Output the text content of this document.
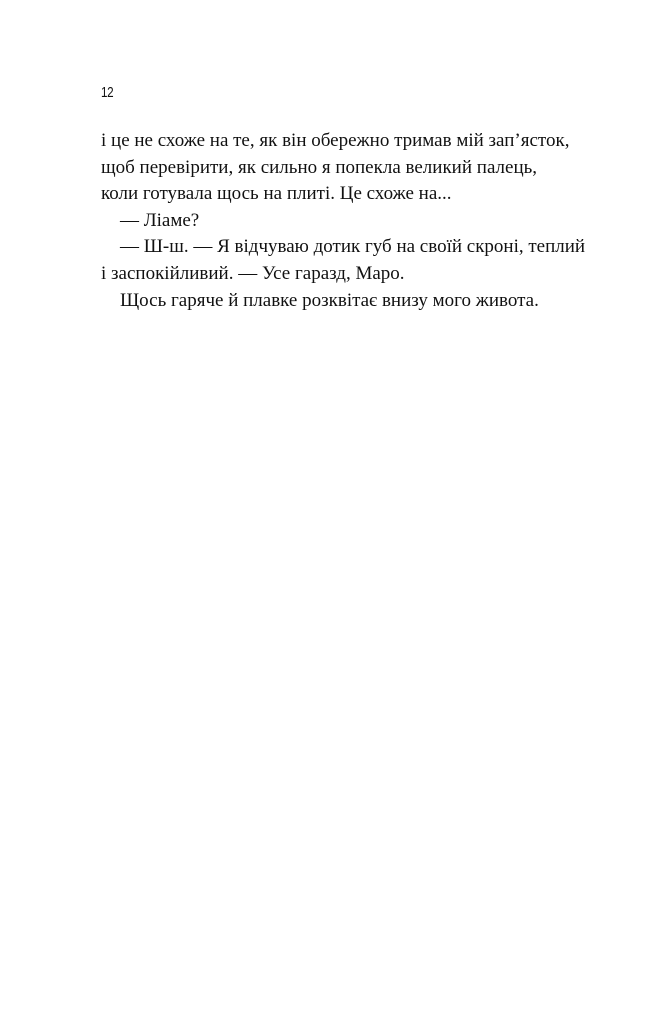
12
і це не схоже на те, як він обережно тримав мій зап’ясток,
щоб перевірити, як сильно я попекла великий палець,
коли готувала щось на плиті. Це схоже на...
— Ліаме?
— Ш-ш. — Я відчуваю дотик губ на своїй скроні, теплий
і заспокійливий. — Усе гаразд, Маро.
Щось гаряче й плавке розквітає внизу мого живота.
